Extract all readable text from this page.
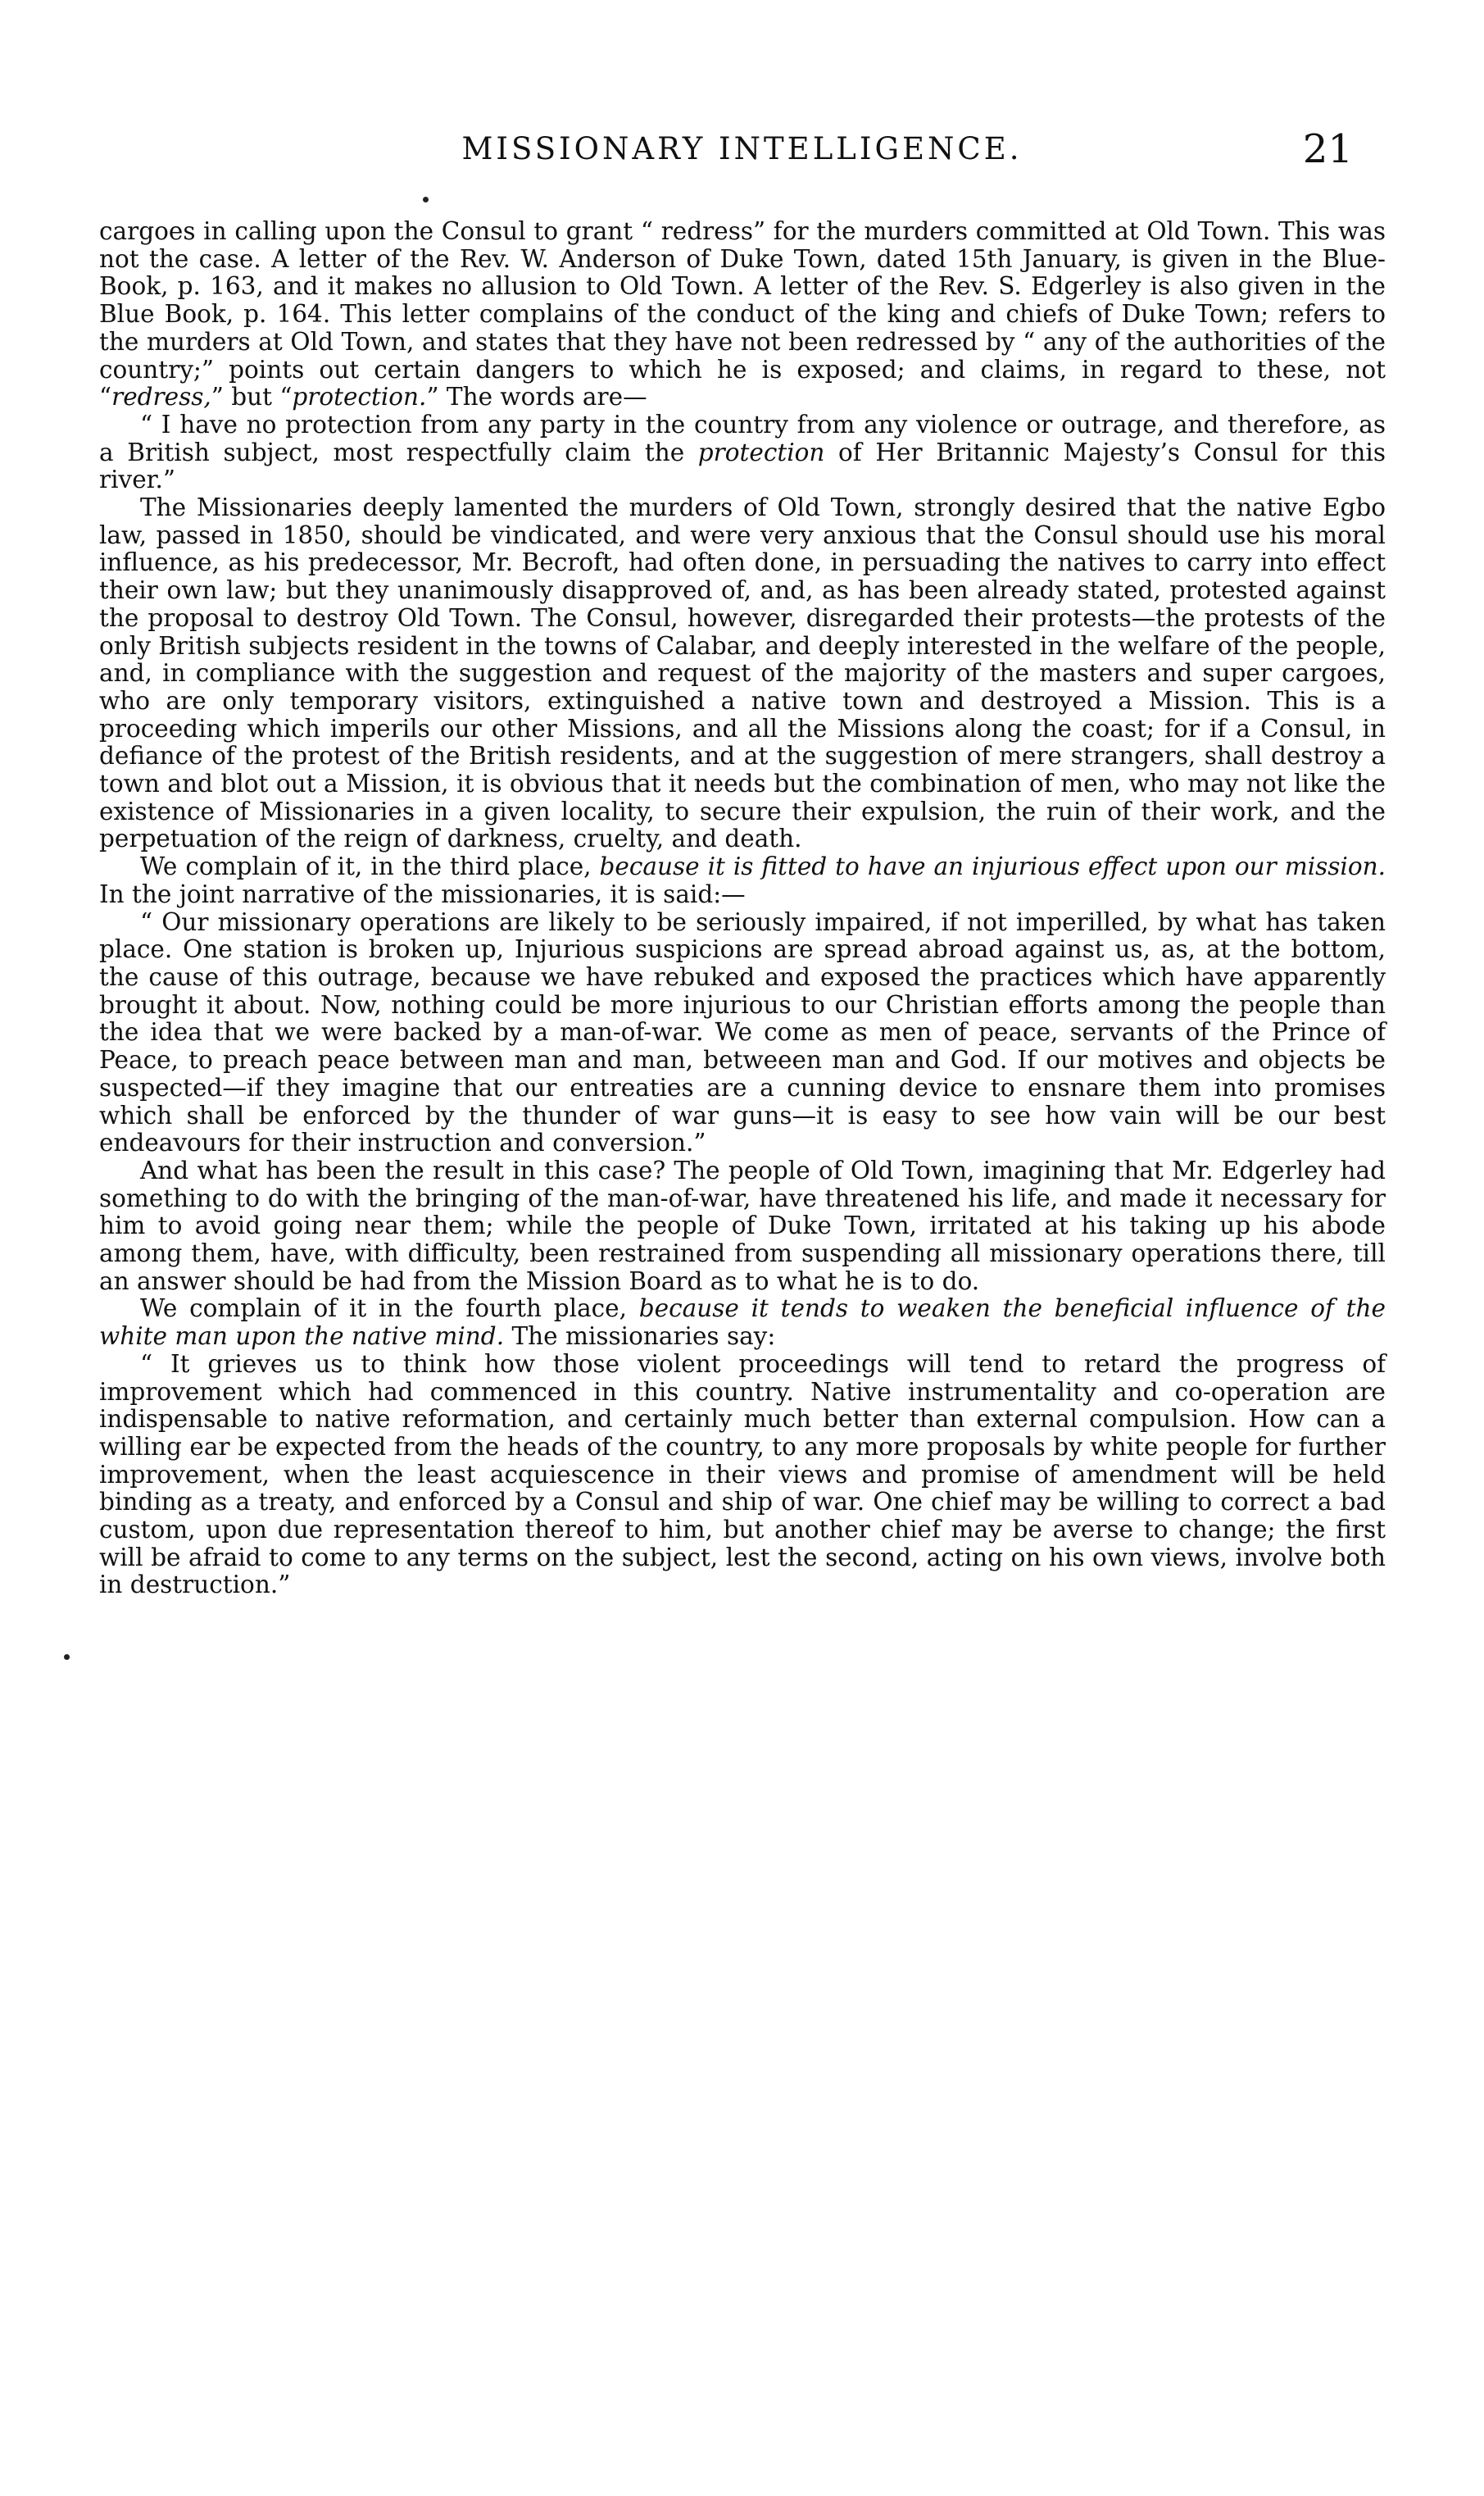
MISSIONARY INTELLIGENCE.	21

cargoes in calling upon the Consul to grant “ redress” for the murders committed at Old Town. This was not the case. A letter of the Rev. W. Anderson of Duke Town, dated 15th January, is given in the Blue-Book, p. 163, and it makes no allusion to Old Town. A letter of the Rev. S. Edgerley is also given in the Blue Book, p. 164. This letter complains of the conduct of the king and chiefs of Duke Town; refers to the murders at Old Town, and states that they have not been redressed by “ any of the authorities of the country;” points out certain dangers to which he is exposed; and claims, in regard to these, not “redress,” but “protection.” The words are—

“ I have no protection from any party in the country from any violence or outrage, and therefore, as a British subject, most respectfully claim the protection of Her Britannic Majesty’s Consul for this river.”

The Missionaries deeply lamented the murders of Old Town, strongly desired that the native Egbo law, passed in 1850, should be vindicated, and were very anxious that the Consul should use his moral influence, as his predecessor, Mr. Becroft, had often done, in persuading the natives to carry into effect their own law; but they unanimously disapproved of, and, as has been already stated, protested against the proposal to destroy Old Town. The Consul, however, disregarded their protests—the protests of the only British subjects resident in the towns of Calabar, and deeply interested in the welfare of the people, and, in compliance with the suggestion and request of the majority of the masters and super cargoes, who are only temporary visitors, extinguished a native town and destroyed a Mission. This is a proceeding which imperils our other Missions, and all the Missions along the coast; for if a Consul, in defiance of the protest of the British residents, and at the suggestion of mere strangers, shall destroy a town and blot out a Mission, it is obvious that it needs but the combination of men, who may not like the existence of Missionaries in a given locality, to secure their expulsion, the ruin of their work, and the perpetuation of the reign of darkness, cruelty, and death.

We complain of it, in the third place, because it is fitted to have an injurious effect upon our mission. In the joint narrative of the missionaries, it is said:—

“ Our missionary operations are likely to be seriously impaired, if not imperilled, by what has taken place. One station is broken up, Injurious suspicions are spread abroad against us, as, at the bottom, the cause of this outrage, because we have rebuked and exposed the practices which have apparently brought it about. Now, nothing could be more injurious to our Christian efforts among the people than the idea that we were backed by a man-of-war. We come as men of peace, servants of the Prince of Peace, to preach peace between man and man, betweeen man and God. If our motives and objects be suspected—if they imagine that our entreaties are a cunning device to ensnare them into promises which shall be enforced by the thunder of war guns—it is easy to see how vain will be our best endeavours for their instruction and conversion.”

And what has been the result in this case? The people of Old Town, imagining that Mr. Edgerley had something to do with the bringing of the man-of-war, have threatened his life, and made it necessary for him to avoid going near them; while the people of Duke Town, irritated at his taking up his abode among them, have, with difficulty, been restrained from suspending all missionary operations there, till an answer should be had from the Mission Board as to what he is to do.

We complain of it in the fourth place, because it tends to weaken the beneficial influence of the white man upon the native mind. The missionaries say:

“ It grieves us to think how those violent proceedings will tend to retard the progress of improvement which had commenced in this country. Native instrumentality and co-operation are indispensable to native reformation, and certainly much better than external compulsion. How can a willing ear be expected from the heads of the country, to any more proposals by white people for further improvement, when the least acquiescence in their views and promise of amendment will be held binding as a treaty, and enforced by a Consul and ship of war. One chief may be willing to correct a bad custom, upon due representation thereof to him, but another chief may be averse to change; the first will be afraid to come to any terms on the subject, lest the second, acting on his own views, involve both in destruction.”
